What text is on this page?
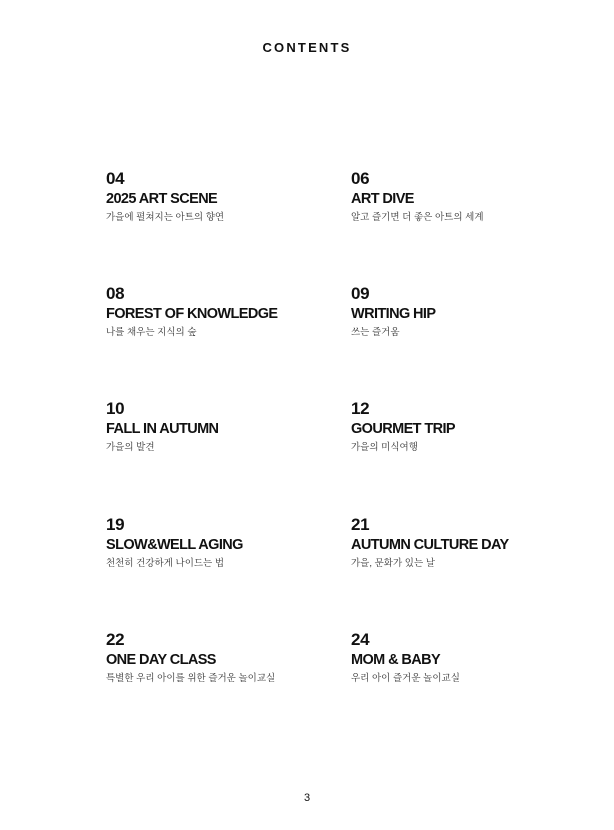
CONTENTS
04
2025 ART SCENE
가을에 펼쳐지는 아트의 향연
06
ART DIVE
알고 즐기면 더 좋은 아트의 세계
08
FOREST OF KNOWLEDGE
나를 채우는 지식의 숲
09
WRITING HIP
쓰는 즐거움
10
FALL IN AUTUMN
가을의 발견
12
GOURMET TRIP
가을의 미식여행
19
SLOW&WELL AGING
천천히 건강하게 나이드는 법
21
AUTUMN CULTURE DAY
가을, 문화가 있는 날
22
ONE DAY CLASS
특별한 우리 아이를 위한 즐거운 놀이교실
24
MOM & BABY
우리 아이 즐거운 놀이교실
3
